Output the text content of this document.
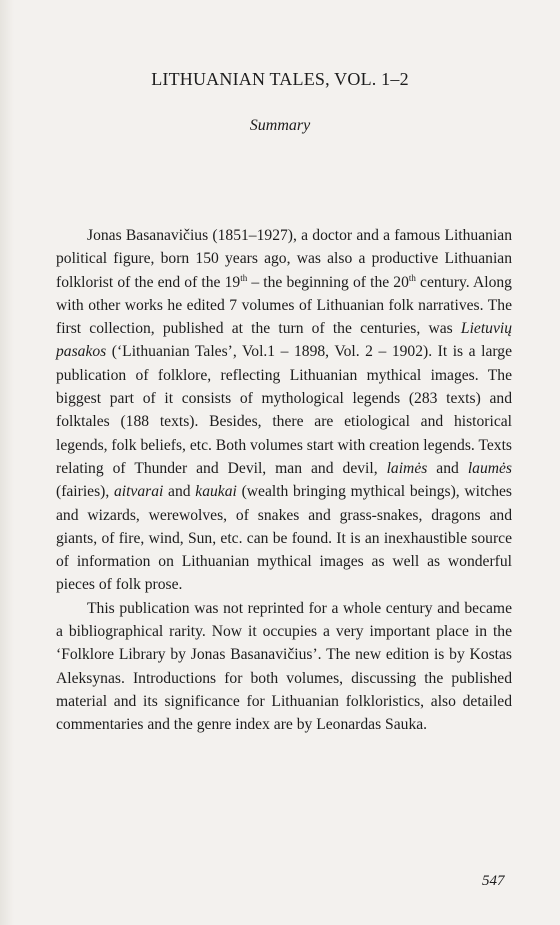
LITHUANIAN TALES, VOL. 1–2
Summary

Jonas Basanavičius (1851–1927), a doctor and a famous Lithuanian political figure, born 150 years ago, was also a productive Lithuanian folklorist of the end of the 19th – the beginning of the 20th century. Along with other works he edited 7 volumes of Lithuanian folk narratives. The first collection, published at the turn of the centuries, was Lietuvių pasakos (‘Lithuanian Tales’, Vol.1 – 1898, Vol. 2 – 1902). It is a large publication of folklore, reflecting Lithuanian mythical images. The biggest part of it consists of mythological legends (283 texts) and folktales (188 texts). Besides, there are etiological and historical legends, folk beliefs, etc. Both volumes start with creation legends. Texts relating of Thunder and Devil, man and devil, laimės and laumės (fairies), aitvarai and kaukai (wealth bringing mythical beings), witches and wizards, werewolves, of snakes and grass-snakes, dragons and giants, of fire, wind, Sun, etc. can be found. It is an inexhaustible source of information on Lithuanian mythical images as well as wonderful pieces of folk prose.

This publication was not reprinted for a whole century and became a bibliographical rarity. Now it occupies a very important place in the ‘Folklore Library by Jonas Basanavičius’. The new edition is by Kostas Aleksynas. Introductions for both volumes, discussing the published material and its significance for Lithuanian folkloristics, also detailed commentaries and the genre index are by Leonardas Sauka.

547
